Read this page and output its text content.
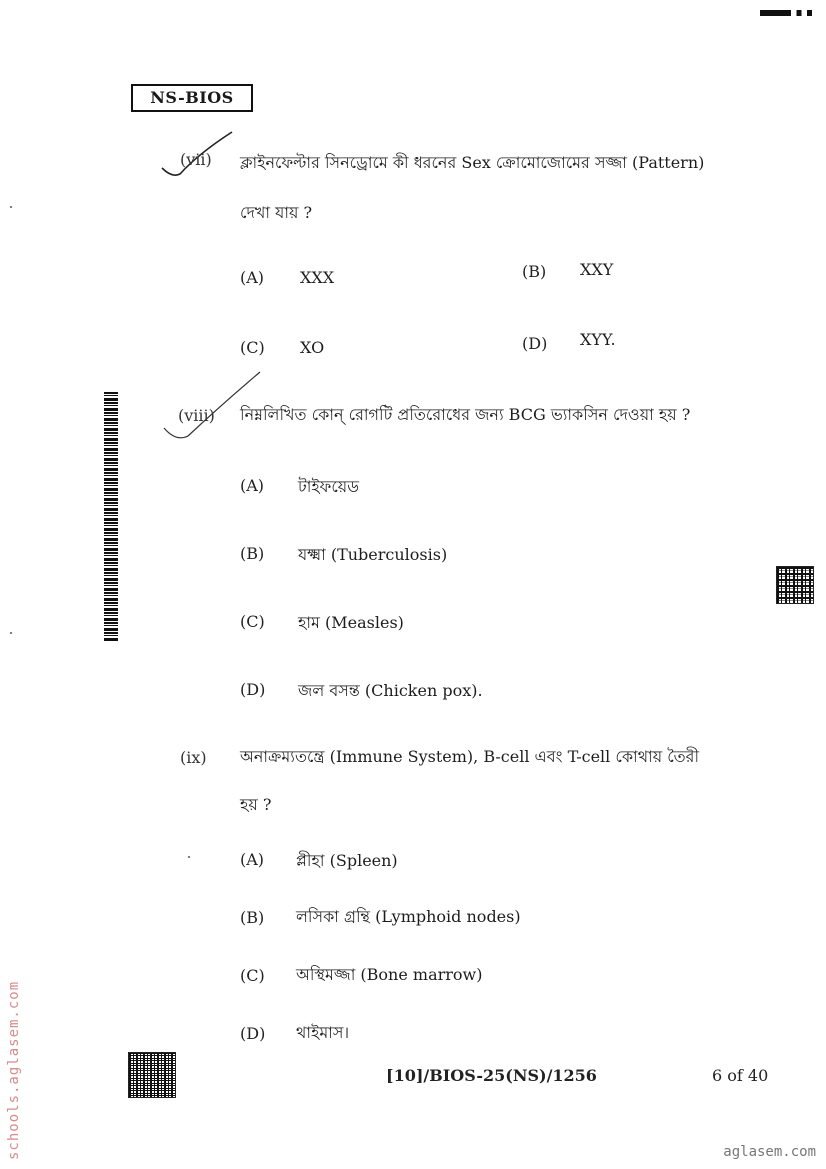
NS-BIOS
(vii) ক্লাইনফেল্টার সিনড্রোমে কী ধরনের Sex ক্রোমোজোমের সজ্জা (Pattern)
দেখা যায় ?
(A) XXX	(B) XXY
(C) XO	(D) XYY.
(viii) নিম্নলিখিত কোন্ রোগটি প্রতিরোধের জন্য BCG ভ্যাকসিন দেওয়া হয় ?
(A) টাইফয়েড
(B) যক্ষ্মা (Tuberculosis)
(C) হাম (Measles)
(D) জল বসন্ত (Chicken pox).
(ix) অনাক্রম্যতন্ত্রে (Immune System), B-cell এবং T-cell কোথায় তৈরী
হয় ?
(A) প্লীহা (Spleen)
(B) লসিকা গ্রন্থি (Lymphoid nodes)
(C) অস্থিমজ্জা (Bone marrow)
(D) থাইমাস।
[10]/BIOS-25(NS)/1256	6 of 40
schools.aglasem.com	aglasem.com
